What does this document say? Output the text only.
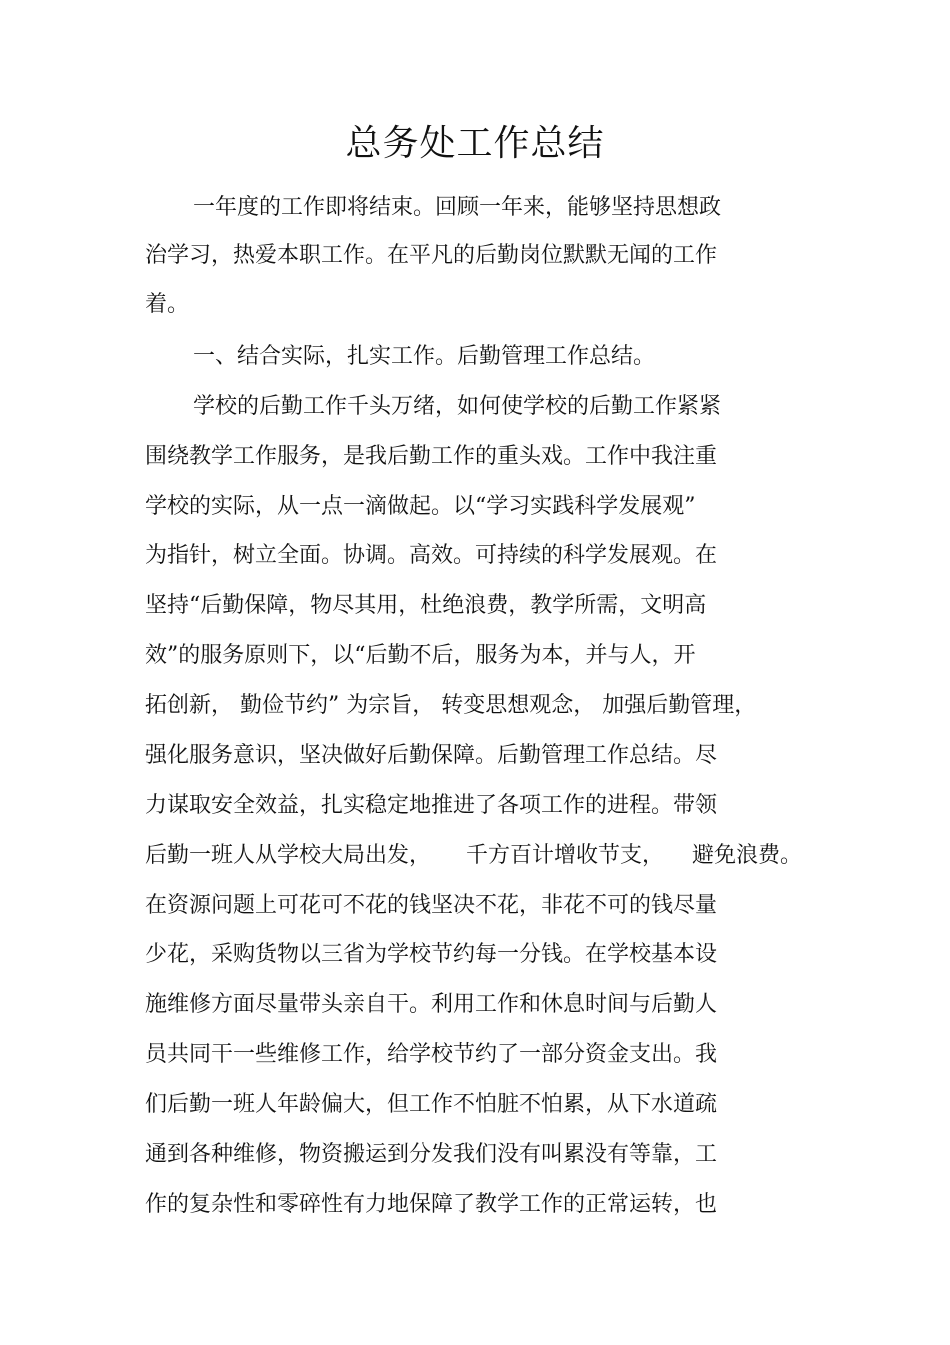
总务处工作总结

一年度的工作即将结束。回顾一年来，能够坚持思想政

治学习，热爱本职工作。在平凡的后勤岗位默默无闻的工作

着。

一、结合实际，扎实工作。后勤管理工作总结。

学校的后勤工作千头万绪，如何使学校的后勤工作紧紧

围绕教学工作服务，是我后勤工作的重头戏。工作中我注重

学校的实际，从一点一滴做起。以“学习实践科学发展观”

为指针，树立全面。协调。高效。可持续的科学发展观。在

坚持“后勤保障，物尽其用，杜绝浪费，教学所需，文明高

效”的服务原则下，以“后勤不后，服务为本，并与人，开

拓创新， 勤俭节约” 为宗旨， 转变思想观念， 加强后勤管理，

强化服务意识，坚决做好后勤保障。后勤管理工作总结。尽

力谋取安全效益，扎实稳定地推进了各项工作的进程。带领

后勤一班人从学校大局出发，     千方百计增收节支，    避免浪费。

在资源问题上可花可不花的钱坚决不花，非花不可的钱尽量

少花，采购货物以三省为学校节约每一分钱。在学校基本设

施维修方面尽量带头亲自干。利用工作和休息时间与后勤人

员共同干一些维修工作，给学校节约了一部分资金支出。我

们后勤一班人年龄偏大，但工作不怕脏不怕累，从下水道疏

通到各种维修，物资搬运到分发我们没有叫累没有等靠，工

作的复杂性和零碎性有力地保障了教学工作的正常运转，也
